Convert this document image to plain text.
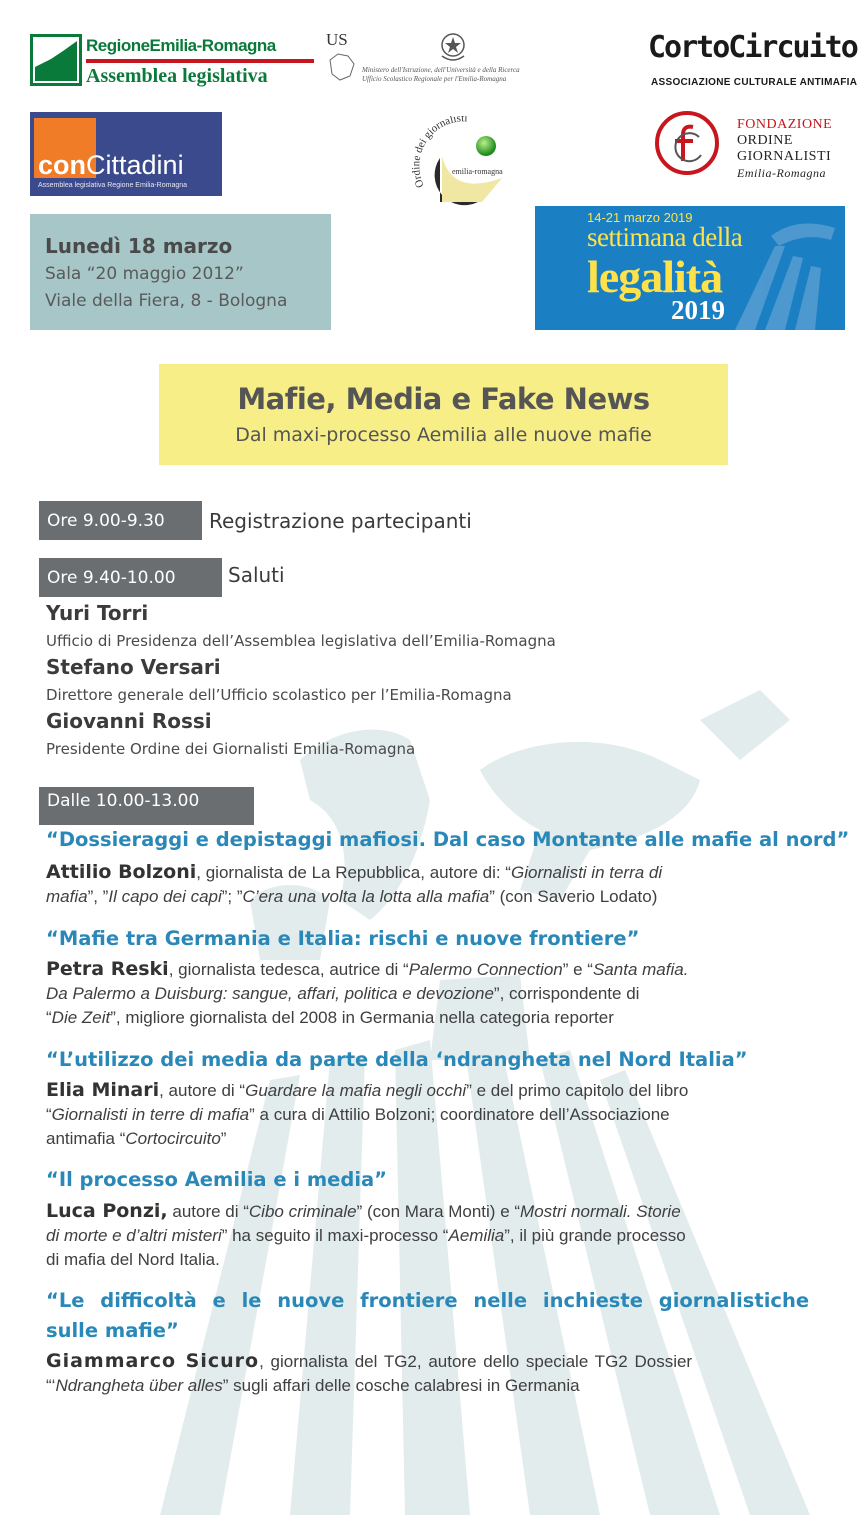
RegioneEmilia-Romagna
Assemblea legislativa
US
Ministero dell'Istruzione, dell'Università e della Ricerca
Ufficio Scolastico Regionale per l'Emilia-Romagna
CortoCircuito
ASSOCIAZIONE CULTURALE ANTIMAFIA
conCittadini
Assemblea legislativa Regione Emilia-Romagna	Or dei giornalisti
emilia-romagna
FONDAZIONE
ORDINE
GIORNALISTI
Emilia-Romagna
Lunedì 18 marzo
Sala “20 maggio 2012”
Viale della Fiera, 8 - Bologna
14-21 marzo 2019
settimana della
legalità
2019
Mafie, Media e Fake News
Dal maxi-processo Aemilia alle nuove mafie
Ore 9.00-9.30 Registrazione partecipanti
Ore 9.40-10.00	Saluti
Yuri Torri
Ufficio di Presidenza dell’Assemblea legislativa dell’Emilia-Romagna
Stefano Versari
Direttore generale dell’Ufficio scolastico per l’Emilia-Romagna
Giovanni Rossi
Presidente Ordine dei Giornalisti Emilia-Romagna
Dalle 10.00-13.00
“Dossieraggi e depistaggi mafiosi. Dal caso Montante alle mafie al nord”
Attilio Bolzoni, giornalista de La Repubblica, autore di: “Giornalisti in terra di
mafia”, ”Il capo dei capi”; ”C’era una volta la lotta alla mafia” (con Saverio Lodato)
“Mafie tra Germania e Italia: rischi e nuove frontiere”
Petra Reski, giornalista tedesca, autrice di “Palermo Connection” e “Santa mafia.
Da Palermo a Duisburg: sangue, affari, politica e devozione”, corrispondente di
“Die Zeit”, migliore giornalista del 2008 in Germania nella categoria reporter
“L’utilizzo dei media da parte della ‘ndrangheta nel Nord Italia”
Elia Minari, autore di “Guardare la mafia negli occhi” e del primo capitolo del libro
“Giornalisti in terre di mafia” a cura di Attilio Bolzoni; coordinatore dell’Associazione
antimafia “Cortocircuito”
“Il processo Aemilia e i media”
Luca Ponzi, autore di “Cibo criminale” (con Mara Monti) e “Mostri normali. Storie
di morte e d’altri misteri” ha seguito il maxi-processo “Aemilia”, il più grande processo
di mafia del Nord Italia.
“Le difficoltà e le nuove frontiere nelle inchieste giornalistiche
sulle mafie”
Giammarco Sicuro, giornalista del TG2, autore dello speciale TG2 Dossier
“‘Ndrangheta über alles” sugli affari delle cosche calabresi in Germania
